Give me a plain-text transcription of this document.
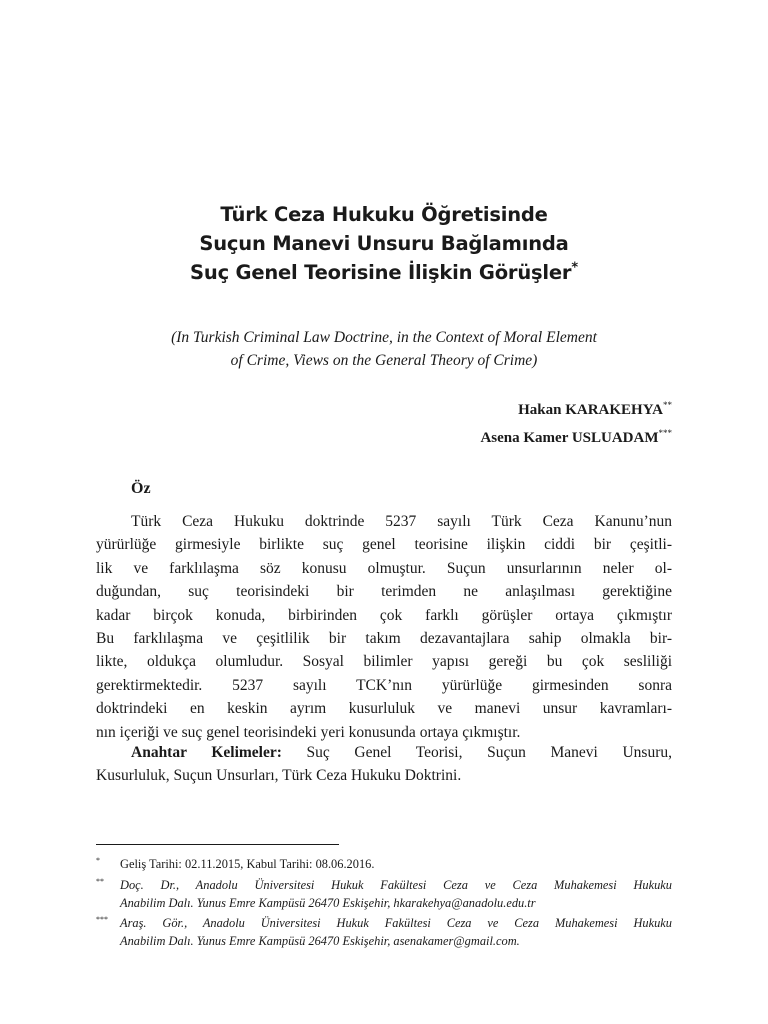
Türk Ceza Hukuku Öğretisinde
Suçun Manevi Unsuru Bağlamında
Suç Genel Teorisine İlişkin Görüşler*
(In Turkish Criminal Law Doctrine, in the Context of Moral Element
of Crime, Views on the General Theory of Crime)
Hakan KARAKEHYA**
Asena Kamer USLUADAM***
Öz
Türk Ceza Hukuku doktrinde 5237 sayılı Türk Ceza Kanunu’nun
yürürlüğe girmesiyle birlikte suç genel teorisine ilişkin ciddi bir çeşitli-
lik ve farklılaşma söz konusu olmuştur. Suçun unsurlarının neler ol-
duğundan, suç teorisindeki bir terimden ne anlaşılması gerektiğine
kadar birçok konuda, birbirinden çok farklı görüşler ortaya çıkmıştır
Bu farklılaşma ve çeşitlilik bir takım dezavantajlara sahip olmakla bir-
likte, oldukça olumludur. Sosyal bilimler yapısı gereği bu çok sesliliği
gerektirmektedir. 5237 sayılı TCK’nın yürürlüğe girmesinden sonra
doktrindeki en keskin ayrım kusurluluk ve manevi unsur kavramları-
nın içeriği ve suç genel teorisindeki yeri konusunda ortaya çıkmıştır.
Anahtar Kelimeler: Suç Genel Teorisi, Suçun Manevi Unsuru,
Kusurluluk, Suçun Unsurları, Türk Ceza Hukuku Doktrini.
* Geliş Tarihi: 02.11.2015, Kabul Tarihi: 08.06.2016.
** Doç. Dr., Anadolu Üniversitesi Hukuk Fakültesi Ceza ve Ceza Muhakemesi Hukuku
Anabilim Dalı. Yunus Emre Kampüsü 26470 Eskişehir, hkarakehya@anadolu.edu.tr
*** Araş. Gör., Anadolu Üniversitesi Hukuk Fakültesi Ceza ve Ceza Muhakemesi Hukuku
Anabilim Dalı. Yunus Emre Kampüsü 26470 Eskişehir, asenakamer@gmail.com.
